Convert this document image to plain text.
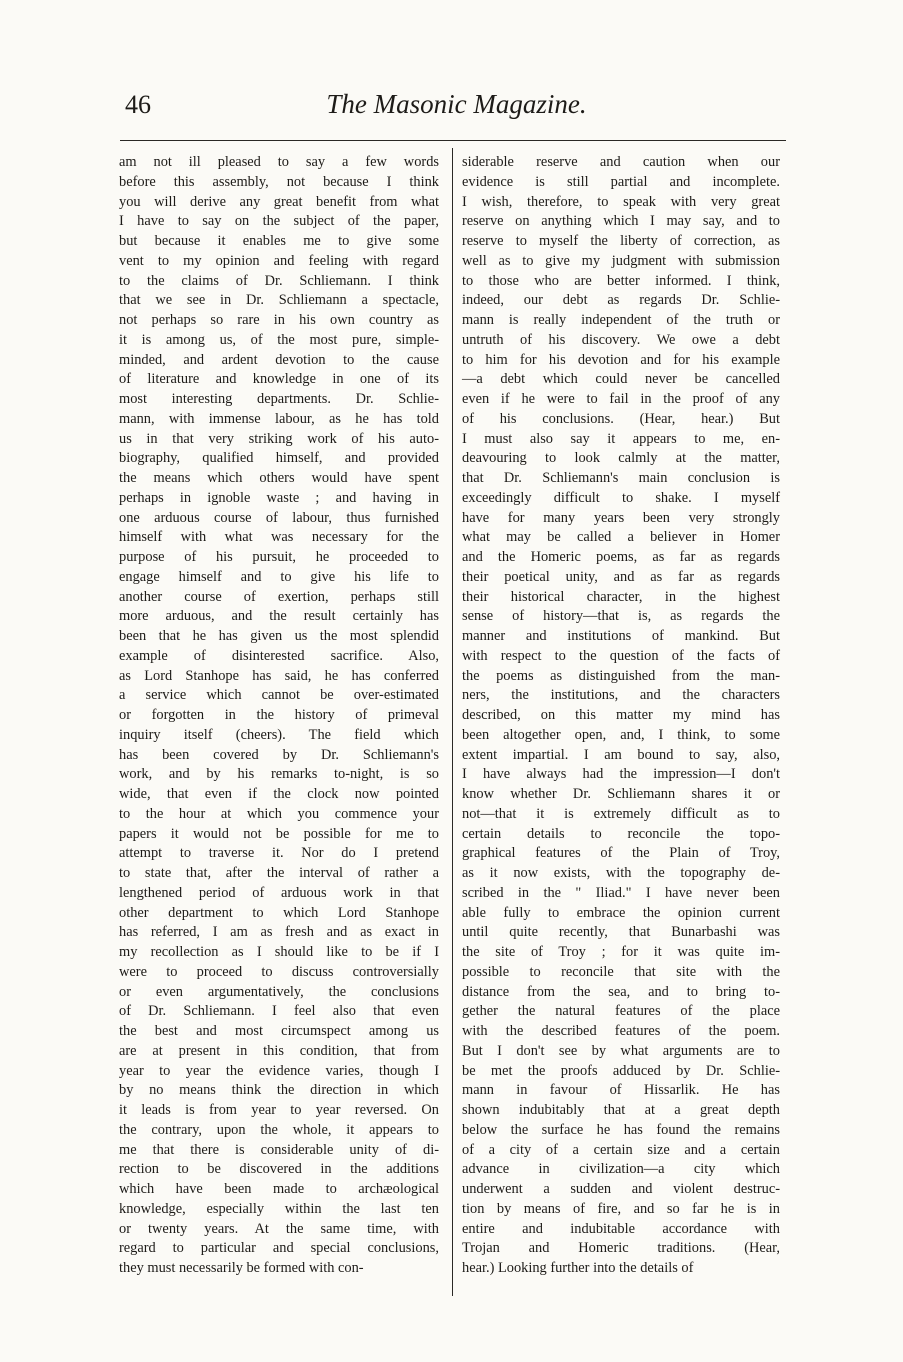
46	The Masonic Magazine.
am not ill pleased to say a few words
before this assembly, not because I think
you will derive any great benefit from what
I have to say on the subject of the paper,
but because it enables me to give some
vent to my opinion and feeling with regard
to the claims of Dr. Schliemann. I think
that we see in Dr. Schliemann a spectacle,
not perhaps so rare in his own country as
it is among us, of the most pure, simple-
minded, and ardent devotion to the cause
of literature and knowledge in one of its
most interesting departments. Dr. Schlie-
mann, with immense labour, as he has told
us in that very striking work of his auto-
biography, qualified himself, and provided
the means which others would have spent
perhaps in ignoble waste ; and having in
one arduous course of labour, thus furnished
himself with what was necessary for the
purpose of his pursuit, he proceeded to
engage himself and to give his life to
another course of exertion, perhaps still
more arduous, and the result certainly has
been that he has given us the most splendid
example of disinterested sacrifice. Also,
as Lord Stanhope has said, he has conferred
a service which cannot be over-estimated
or forgotten in the history of primeval
inquiry itself (cheers). The field which
has been covered by Dr. Schliemann's
work, and by his remarks to-night, is so
wide, that even if the clock now pointed
to the hour at which you commence your
papers it would not be possible for me to
attempt to traverse it. Nor do I pretend
to state that, after the interval of rather a
lengthened period of arduous work in that
other department to which Lord Stanhope
has referred, I am as fresh and as exact in
my recollection as I should like to be if I
were to proceed to discuss controversially
or even argumentatively, the conclusions
of Dr. Schliemann. I feel also that even
the best and most circumspect among us
are at present in this condition, that from
year to year the evidence varies, though I
by no means think the direction in which
it leads is from year to year reversed. On
the contrary, upon the whole, it appears to
me that there is considerable unity of di-
rection to be discovered in the additions
which have been made to archæological
knowledge, especially within the last ten
or twenty years. At the same time, with
regard to particular and special conclusions,
they must necessarily be formed with con-
siderable reserve and caution when our
evidence is still partial and incomplete.
I wish, therefore, to speak with very great
reserve on anything which I may say, and to
reserve to myself the liberty of correction, as
well as to give my judgment with submission
to those who are better informed. I think,
indeed, our debt as regards Dr. Schlie-
mann is really independent of the truth or
untruth of his discovery. We owe a debt
to him for his devotion and for his example
—a debt which could never be cancelled
even if he were to fail in the proof of any
of his conclusions. (Hear, hear.) But
I must also say it appears to me, en-
deavouring to look calmly at the matter,
that Dr. Schliemann's main conclusion is
exceedingly difficult to shake. I myself
have for many years been very strongly
what may be called a believer in Homer
and the Homeric poems, as far as regards
their poetical unity, and as far as regards
their historical character, in the highest
sense of history—that is, as regards the
manner and institutions of mankind. But
with respect to the question of the facts of
the poems as distinguished from the man-
ners, the institutions, and the characters
described, on this matter my mind has
been altogether open, and, I think, to some
extent impartial. I am bound to say, also,
I have always had the impression—I don't
know whether Dr. Schliemann shares it or
not—that it is extremely difficult as to
certain details to reconcile the topo-
graphical features of the Plain of Troy,
as it now exists, with the topography de-
scribed in the " Iliad." I have never been
able fully to embrace the opinion current
until quite recently, that Bunarbashi was
the site of Troy ; for it was quite im-
possible to reconcile that site with the
distance from the sea, and to bring to-
gether the natural features of the place
with the described features of the poem.
But I don't see by what arguments are to
be met the proofs adduced by Dr. Schlie-
mann in favour of Hissarlik. He has
shown indubitably that at a great depth
below the surface he has found the remains
of a city of a certain size and a certain
advance in civilization—a city which
underwent a sudden and violent destruc-
tion by means of fire, and so far he is in
entire and indubitable accordance with
Trojan and Homeric traditions. (Hear,
hear.) Looking further into the details of
